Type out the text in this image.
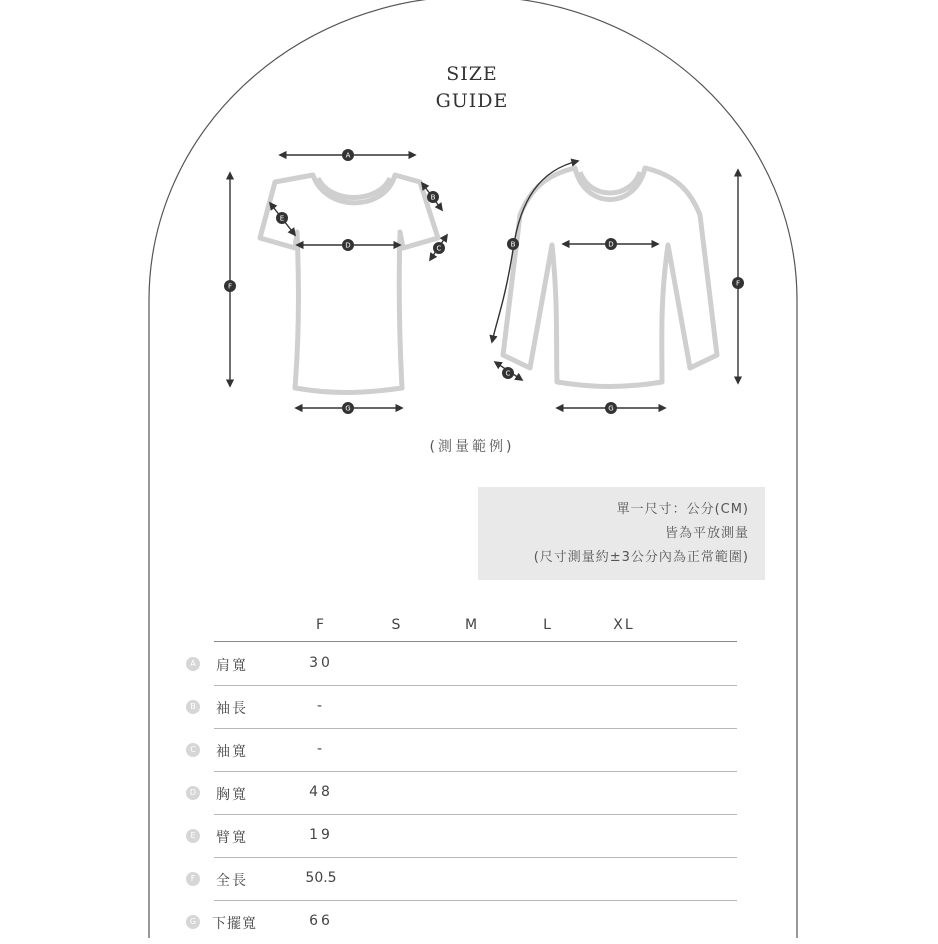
A
B
C
D
E
F
G
B
C
D
F
G
SIZE
GUIDE
(測量範例)
單一尺寸：公分(CM)
皆為平放測量
(尺寸測量約±3公分內為正常範圍)
F	S	M	L	XL
A	肩寬	30
B	袖長	-
C	袖寬	-
D 胸寬	48
E	臂寬	19
F	全長	50.5
G 下擺寬	66
